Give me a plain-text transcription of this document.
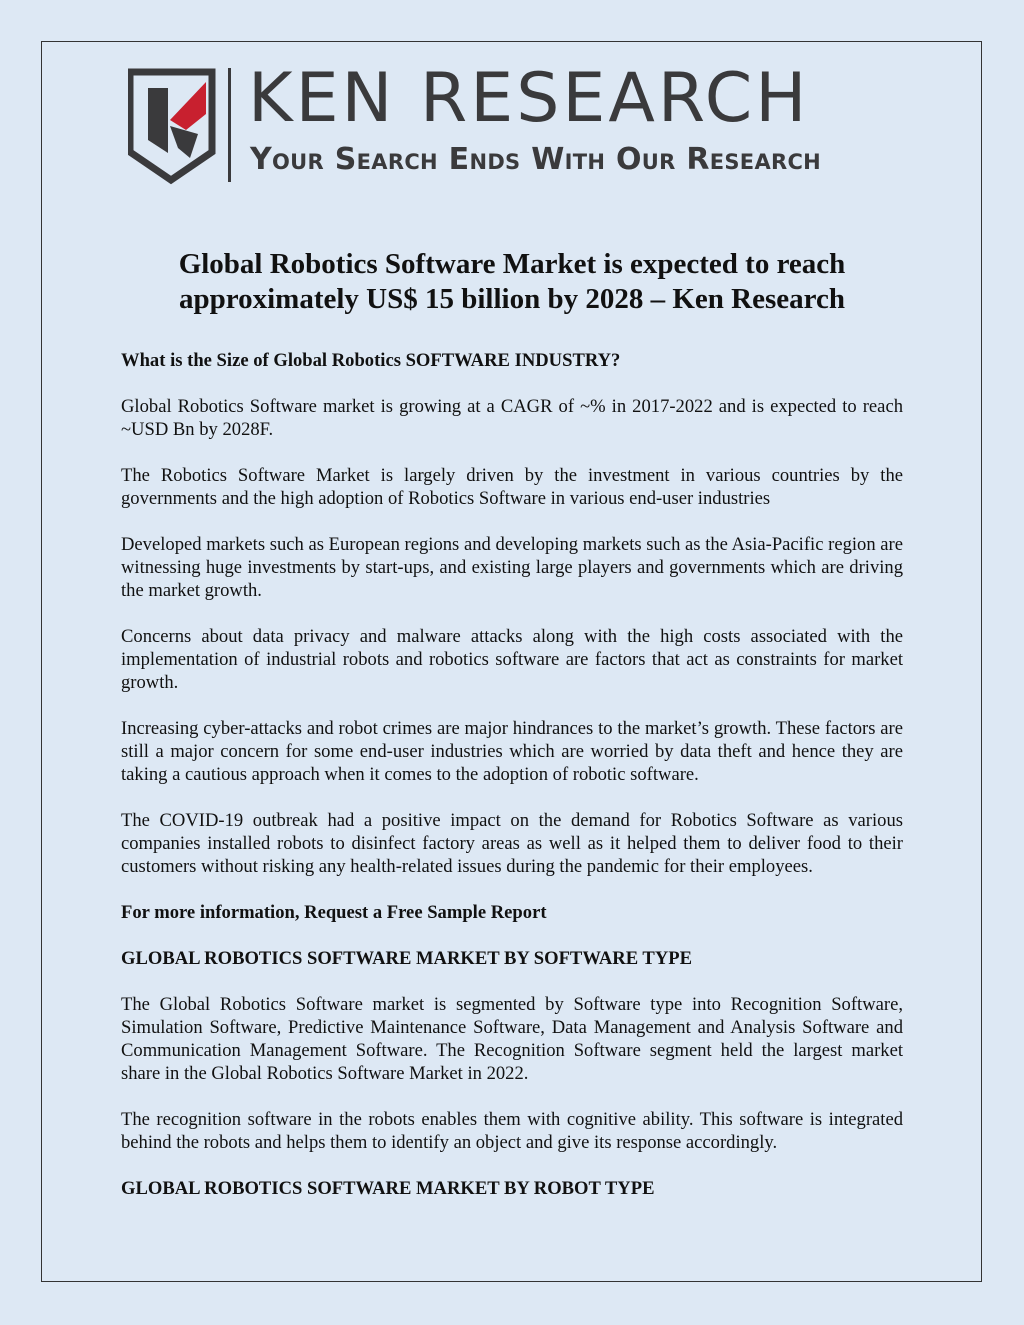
KEN RESEARCH
Your Search Ends With Our Research
Global Robotics Software Market is expected to reach approximately US$ 15 billion by 2028 – Ken Research

What is the Size of Global Robotics SOFTWARE INDUSTRY?

Global Robotics Software market is growing at a CAGR of ~% in 2017-2022 and is expected to reach ~USD Bn by 2028F.

The Robotics Software Market is largely driven by the investment in various countries by the governments and the high adoption of Robotics Software in various end-user industries

Developed markets such as European regions and developing markets such as the Asia-Pacific region are witnessing huge investments by start-ups, and existing large players and governments which are driving the market growth.

Concerns about data privacy and malware attacks along with the high costs associated with the implementation of industrial robots and robotics software are factors that act as constraints for market growth.

Increasing cyber-attacks and robot crimes are major hindrances to the market’s growth. These factors are still a major concern for some end-user industries which are worried by data theft and hence they are taking a cautious approach when it comes to the adoption of robotic software.

The COVID-19 outbreak had a positive impact on the demand for Robotics Software as various companies installed robots to disinfect factory areas as well as it helped them to deliver food to their customers without risking any health-related issues during the pandemic for their employees.

For more information, Request a Free Sample Report

GLOBAL ROBOTICS SOFTWARE MARKET BY SOFTWARE TYPE

The Global Robotics Software market is segmented by Software type into Recognition Software, Simulation Software, Predictive Maintenance Software, Data Management and Analysis Software and Communication Management Software. The Recognition Software segment held the largest market share in the Global Robotics Software Market in 2022.

The recognition software in the robots enables them with cognitive ability. This software is integrated behind the robots and helps them to identify an object and give its response accordingly.

GLOBAL ROBOTICS SOFTWARE MARKET BY ROBOT TYPE
